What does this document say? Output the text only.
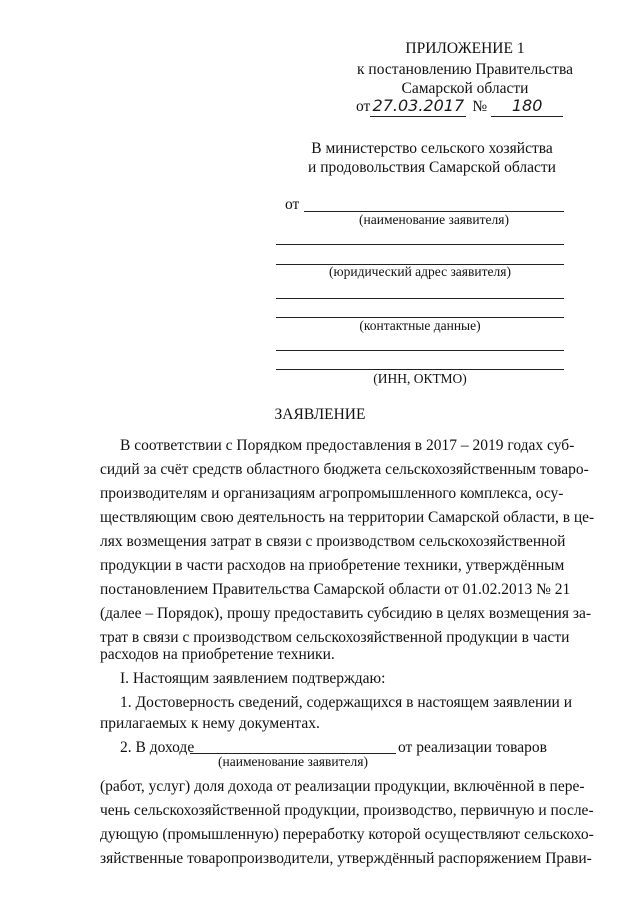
ПРИЛОЖЕНИЕ 1
к постановлению Правительства
Самарской области
от 27.03.2017 № 180
В министерство сельского хозяйства
и продовольствия Самарской области
от
(наименование заявителя)
(юридический адрес заявителя)
(контактные данные)
(ИНН, ОКТМО)
ЗАЯВЛЕНИЕ
В соответствии с Порядком предоставления в 2017 – 2019 годах суб-
сидий за счёт средств областного бюджета сельскохозяйственным товаро-
производителям и организациям агропромышленного комплекса, осу-
ществляющим свою деятельность на территории Самарской области, в це-
лях возмещения затрат в связи с производством сельскохозяйственной
продукции в части расходов на приобретение техники, утверждённым
постановлением Правительства Самарской области от 01.02.2013 № 21
(далее – Порядок), прошу предоставить субсидию в целях возмещения за-
трат в связи с производством сельскохозяйственной продукции в части
расходов на приобретение техники.
I. Настоящим заявлением подтверждаю:
1. Достоверность сведений, содержащихся в настоящем заявлении и
прилагаемых к нему документах.
2. В доходе	от реализации товаров
(наименование заявителя)
(работ, услуг) доля дохода от реализации продукции, включённой в пере-
чень сельскохозяйственной продукции, производство, первичную и после-
дующую (промышленную) переработку которой осуществляют сельскохо-
зяйственные товаропроизводители, утверждённый распоряжением Прави-
